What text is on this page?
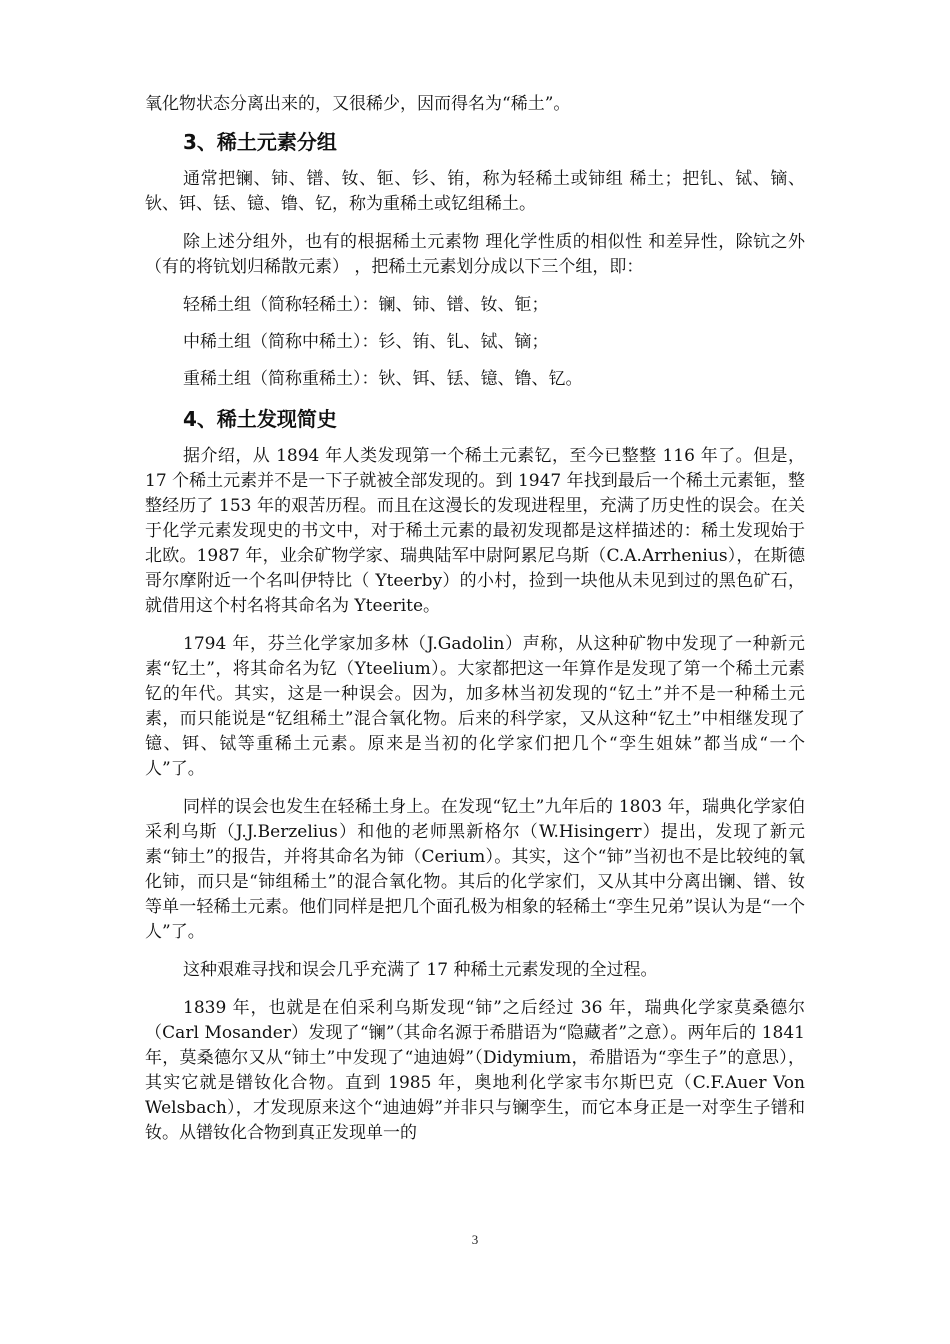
氧化物状态分离出来的，又很稀少，因而得名为“稀土”。

3、稀土元素分组

通常把镧、铈、镨、钕、钷、钐、铕，称为轻稀土或铈组 稀土；把钆、铽、镝、钬、铒、铥、镱、镥、钇，称为重稀土或钇组稀土。

除上述分组外，也有的根据稀土元素物 理化学性质的相似性 和差异性，除钪之外（有的将钪划归稀散元素） ，把稀土元素划分成以下三个组，即：

轻稀土组（简称轻稀土）：镧、铈、镨、钕、钷；

中稀土组（简称中稀土）：钐、铕、钆、铽、镝；

重稀土组（简称重稀土）：钬、铒、铥、镱、镥、钇。

4、稀土发现简史

据介绍，从 1894 年人类发现第一个稀土元素钇，至今已整整 116 年了。但是，17 个稀土元素并不是一下子就被全部发现的。到 1947 年找到最后一个稀土元素钷，整整经历了 153 年的艰苦历程。而且在这漫长的发现进程里，充满了历史性的误会。在关于化学元素发现史的书文中，对于稀土元素的最初发现都是这样描述的：稀土发现始于北欧。1987 年，业余矿物学家、瑞典陆军中尉阿累尼乌斯（C.A.Arrhenius），在斯德哥尔摩附近一个名叫伊特比（ Yteerby）的小村，捡到一块他从未见到过的黑色矿石，就借用这个村名将其命名为 Yteerite。

1794 年，芬兰化学家加多林（J.Gadolin）声称，从这种矿物中发现了一种新元素“钇土”，将其命名为钇（Yteelium）。大家都把这一年算作是发现了第一个稀土元素钇的年代。其实，这是一种误会。因为，加多林当初发现的“钇土”并不是一种稀土元素，而只能说是“钇组稀土”混合氧化物。后来的科学家，又从这种“钇土”中相继发现了镱、铒、铽等重稀土元素。原来是当初的化学家们把几个“孪生姐妹”都当成“一个人”了。

同样的误会也发生在轻稀土身上。在发现“钇土”九年后的 1803 年，瑞典化学家伯采利乌斯（J.J.Berzelius）和他的老师黑新格尔（W.Hisingerr）提出，发现了新元素“铈土”的报告，并将其命名为铈（Cerium）。其实，这个“铈”当初也不是比较纯的氧化铈，而只是“铈组稀土”的混合氧化物。其后的化学家们，又从其中分离出镧、镨、钕等单一轻稀土元素。他们同样是把几个面孔极为相象的轻稀土“孪生兄弟”误认为是“一个人”了。

这种艰难寻找和误会几乎充满了 17 种稀土元素发现的全过程。

1839 年，也就是在伯采利乌斯发现“铈”之后经过 36 年，瑞典化学家莫桑德尔（Carl Mosander）发现了“镧”（其命名源于希腊语为“隐藏者”之意）。两年后的 1841 年，莫桑德尔又从“铈土”中发现了“迪迪姆”（Didymium，希腊语为“孪生子”的意思），其实它就是镨钕化合物。直到 1985 年，奥地利化学家韦尔斯巴克（C.F.Auer Von Welsbach），才发现原来这个“迪迪姆”并非只与镧孪生，而它本身正是一对孪生子镨和钕。从镨钕化合物到真正发现单一的

3
